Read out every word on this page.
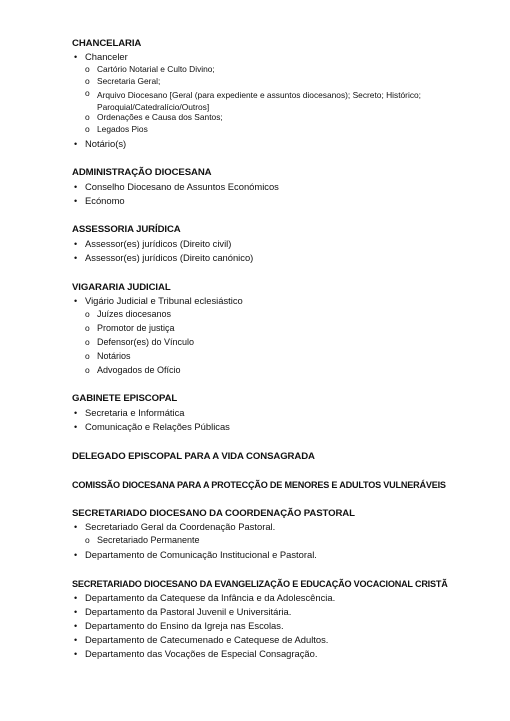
CHANCELARIA
• Chanceler
o Cartório Notarial e Culto Divino;
o Secretaria Geral;
o Arquivo Diocesano [Geral (para expediente e assuntos diocesanos); Secreto; Histórico; Paroquial/Catedralício/Outros]
o Ordenações e Causa dos Santos;
o Legados Pios
• Notário(s)
ADMINISTRAÇÃO DIOCESANA
• Conselho Diocesano de Assuntos Económicos
• Ecónomo
ASSESSORIA JURÍDICA
• Assessor(es) jurídicos (Direito civil)
• Assessor(es) jurídicos (Direito canónico)
VIGARARIA JUDICIAL
• Vigário Judicial e Tribunal eclesiástico
o Juízes diocesanos
o Promotor de justiça
o Defensor(es) do Vínculo
o Notários
o Advogados de Ofício
GABINETE EPISCOPAL
• Secretaria e Informática
• Comunicação e Relações Públicas
DELEGADO EPISCOPAL PARA A VIDA CONSAGRADA
COMISSÃO DIOCESANA PARA A PROTECÇÃO DE MENORES E ADULTOS VULNERÁVEIS
SECRETARIADO DIOCESANO DA COORDENAÇÃO PASTORAL
• Secretariado Geral da Coordenação Pastoral.
o Secretariado Permanente
• Departamento de Comunicação Institucional e Pastoral.
SECRETARIADO DIOCESANO DA EVANGELIZAÇÃO E EDUCAÇÃO VOCACIONAL CRISTÃ
• Departamento da Catequese da Infância e da Adolescência.
• Departamento da Pastoral Juvenil e Universitária.
• Departamento do Ensino da Igreja nas Escolas.
• Departamento de Catecumenado e Catequese de Adultos.
• Departamento das Vocações de Especial Consagração.
